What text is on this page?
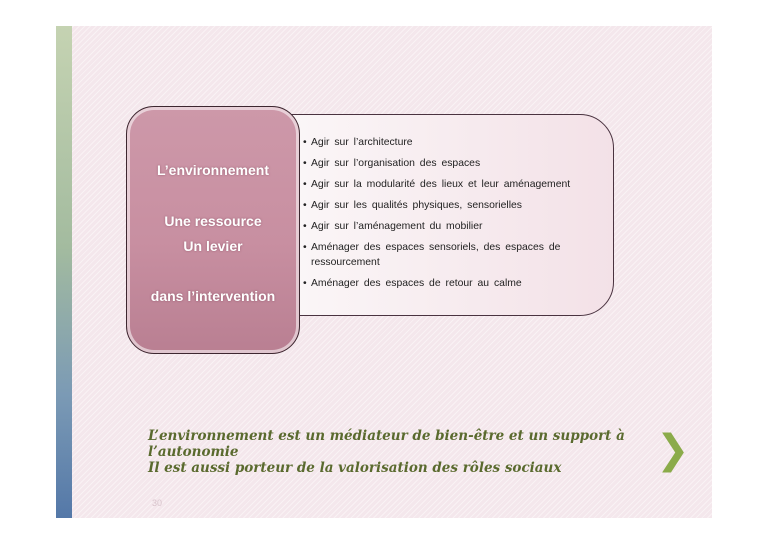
• Agir sur l’architecture
• Agir sur l’organisation des espaces
• Agir sur la modularité des lieux et leur aménagement
• Agir sur les qualités physiques, sensorielles
• Agir sur l’aménagement du mobilier
• Aménager des espaces sensoriels, des espaces de ressourcement
• Aménager des espaces de retour au calme
L’environnement
Une ressource
Un levier
dans l’intervention
L’environnement est un médiateur de bien-être et un support à
l’autonomie
Il est aussi porteur de la valorisation des rôles sociaux	❯
30
